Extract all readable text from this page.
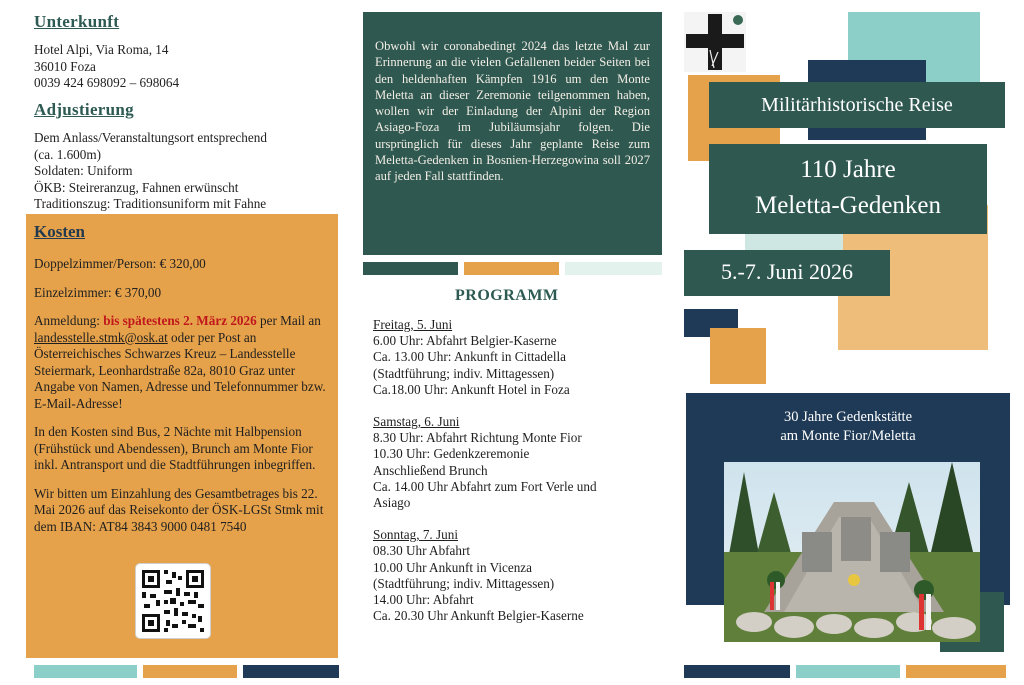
Unterkunft
Hotel Alpi, Via Roma, 14
36010 Foza
0039 424 698092 – 698064
Adjustierung
Dem Anlass/Veranstaltungsort entsprechend
(ca. 1.600m)
Soldaten: Uniform
ÖKB: Steireranzug, Fahnen erwünscht
Traditionszug: Traditionsuniform mit Fahne
Kosten
Doppelzimmer/Person: € 320,00
Einzelzimmer: € 370,00
Anmeldung: bis spätestens 2. März 2026 per Mail an landesstelle.stmk@osk.at oder per Post an Österreichisches Schwarzes Kreuz – Landesstelle Steiermark, Leonhardstraße 82a, 8010 Graz unter Angabe von Namen, Adresse und Telefonnummer bzw. E-Mail-Adresse!
In den Kosten sind Bus, 2 Nächte mit Halbpension (Frühstück und Abendessen), Brunch am Monte Fior inkl. Antransport und die Stadtführungen inbegriffen.
Wir bitten um Einzahlung des Gesamtbetrages bis 22. Mai 2026 auf das Reisekonto der ÖSK-LGSt Stmk mit dem IBAN: AT84 3843 9000 0481 7540
Obwohl wir coronabedingt 2024 das letzte Mal zur Erinnerung an die vielen Gefallenen beider Seiten bei den heldenhaften Kämpfen 1916 um den Monte Meletta an dieser Zeremonie teilgenommen haben, wollen wir der Einladung der Alpini der Region Asiago-Foza im Jubiläumsjahr folgen. Die ursprünglich für dieses Jahr geplante Reise zum Meletta-Gedenken in Bosnien-Herzegowina soll 2027 auf jeden Fall stattfinden.
PROGRAMM
Freitag, 5. Juni
6.00 Uhr: Abfahrt Belgier-Kaserne
Ca. 13.00 Uhr: Ankunft in Cittadella
(Stadtführung; indiv. Mittagessen)
Ca.18.00 Uhr: Ankunft Hotel in Foza
Samstag, 6. Juni
8.30 Uhr: Abfahrt Richtung Monte Fior
10.30 Uhr: Gedenkzeremonie
Anschließend Brunch
Ca. 14.00 Uhr Abfahrt zum Fort Verle und
Asiago
Sonntag, 7. Juni
08.30 Uhr Abfahrt
10.00 Uhr Ankunft in Vicenza
(Stadtführung; indiv. Mittagessen)
14.00 Uhr: Abfahrt
Ca. 20.30 Uhr Ankunft Belgier-Kaserne
Militärhistorische Reise
110 Jahre
Meletta-Gedenken
5.-7. Juni 2026
30 Jahre Gedenkstätte
am Monte Fior/Meletta
